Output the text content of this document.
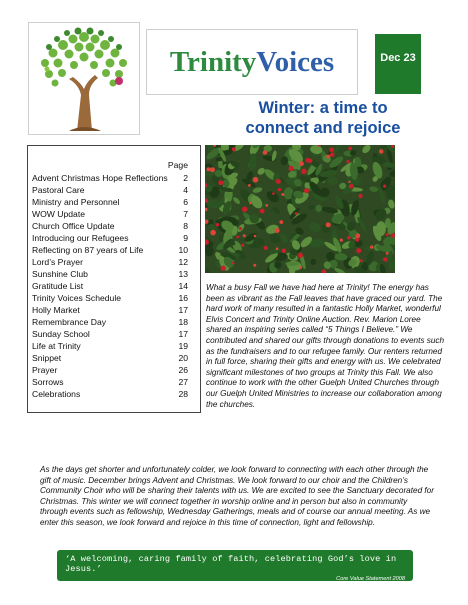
Trinity Voices	Dec 23
Winter: a time to
connect and rejoice
Page
Advent Christmas Hope Reflections	2
Pastoral Care	4
Ministry and Personnel	6
WOW Update	7
Church Office Update	8
Introducing our Refugees	9
Reflecting on 87 years of Life	10
Lord’s Prayer	12
Sunshine Club	13
Gratitude List	14
Trinity Voices Schedule	16
Holly Market	17
Remembrance Day	18
Sunday School	17
Life at Trinity	19
Snippet	20
Prayer	26
Sorrows	27
Celebrations	28
What a busy Fall we have had here at Trinity! The energy has been as vibrant as the Fall leaves that have graced our yard. The hard work of many resulted in a fantastic Holly Market, wonderful Elvis Concert and Trinity Online Auction. Rev. Marion Loree shared an inspiring series called “5 Things I Believe.” We contributed and shared our gifts through donations to events such as the fundraisers and to our refugee family. Our renters returned in full force, sharing their gifts and energy with us. We celebrated significant milestones of two groups at Trinity this Fall. We also continue to work with the other Guelph United Churches through our Guelph United Ministries to increase our collaboration among the churches.
As the days get shorter and unfortunately colder, we look forward to connecting with each other through the gift of music. December brings Advent and Christmas. We look forward to our choir and the Children’s Community Choir who will be sharing their talents with us. We are excited to see the Sanctuary decorated for Christmas. This winter we will connect together in worship online and in person but also in community through events such as fellowship, Wednesday Gatherings, meals and of course our annual meeting. As we enter this season, we look forward and rejoice in this time of connection, light and fellowship.
‘A welcoming, caring family of faith, celebrating God’s love in Jesus.’
Core Value Statement 2008
